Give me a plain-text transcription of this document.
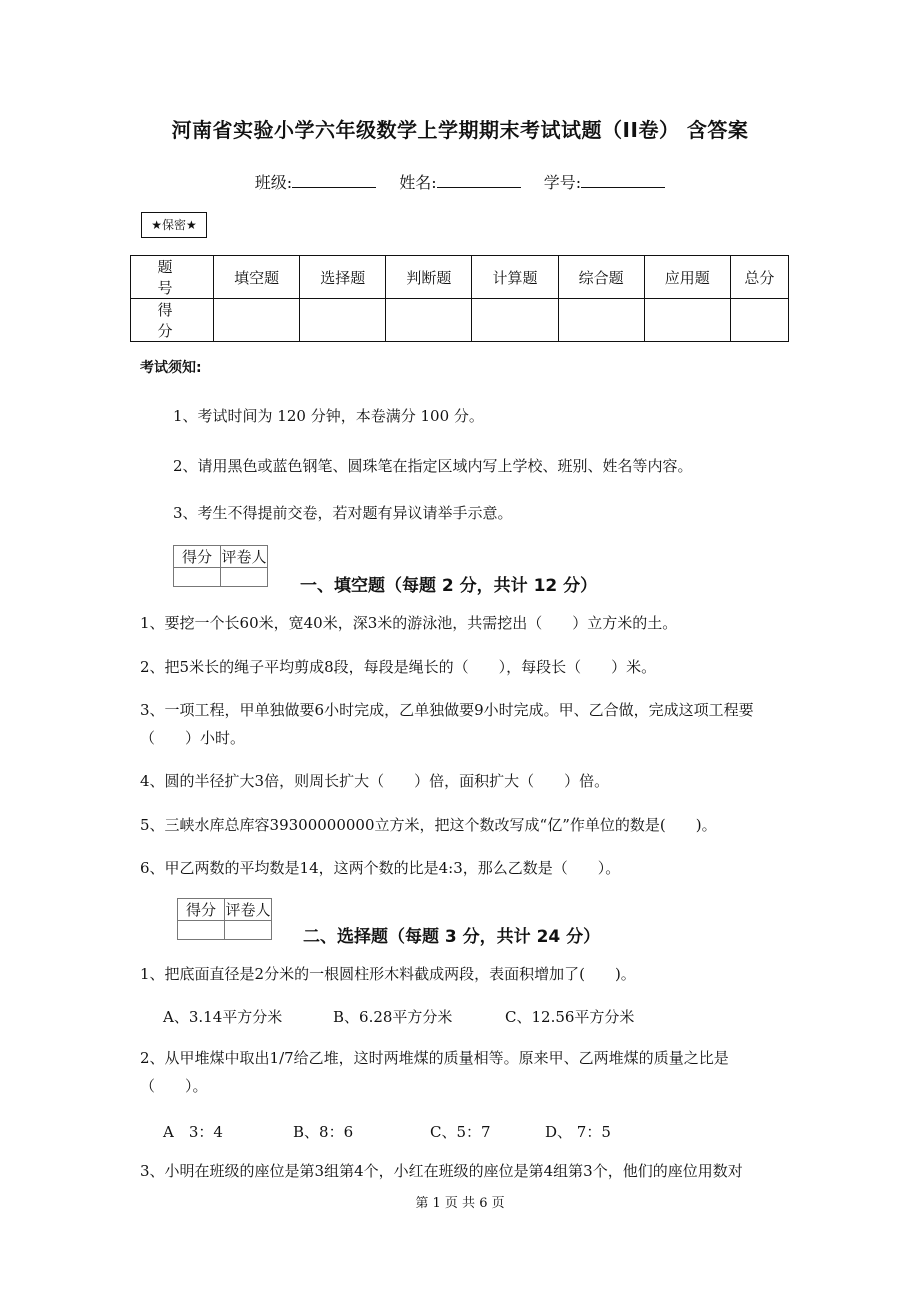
河南省实验小学六年级数学上学期期末考试试题（II卷） 含答案
班级:	姓名:	学号:
★保密★
题　号	填空题	选择题	判断题	计算题	综合题	应用题	总分
得　分							
考试须知:
1、考试时间为 120 分钟，本卷满分 100 分。
2、请用黑色或蓝色钢笔、圆珠笔在指定区域内写上学校、班别、姓名等内容。
3、考生不得提前交卷，若对题有异议请举手示意。
得分	评卷人

一、填空题（每题 2 分，共计 12 分）
1、要挖一个长60米，宽40米，深3米的游泳池，共需挖出（　　）立方米的土。
2、把5米长的绳子平均剪成8段，每段是绳长的（　　），每段长（　　）米。
3、一项工程，甲单独做要6小时完成，乙单独做要9小时完成。甲、乙合做，完成这项工程要（　　）小时。
4、圆的半径扩大3倍，则周长扩大（　　）倍，面积扩大（　　）倍。
5、三峡水库总库容39300000000立方米，把这个数改写成“亿”作单位的数是(　　)。
6、甲乙两数的平均数是14，这两个数的比是4:3，那么乙数是（　　）。
得分	评卷人

二、选择题（每题 3 分，共计 24 分）
1、把底面直径是2分米的一根圆柱形木料截成两段，表面积增加了(　　)。
A、3.14平方分米	B、6.28平方分米	C、12.56平方分米
2、从甲堆煤中取出1/7给乙堆，这时两堆煤的质量相等。原来甲、乙两堆煤的质量之比是（　　）。
A　3：4	B、8：6	C、5：7	D、 7：5
3、小明在班级的座位是第3组第4个，小红在班级的座位是第4组第3个，他们的座位用数对
第 1 页 共 6 页
